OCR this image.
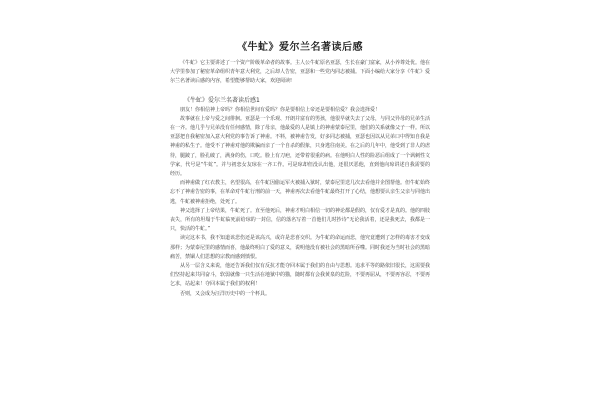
《牛虻》爱尔兰名著读后感

《牛虻》它主要讲述了一个资产阶级革命者的故事。主人公牛虻原名亚瑟，生长在豪门富家，从小养尊处优。他在大学里参加了秘密革命组织青年意大利党，之后却人告密，亚瑟和一些党内同志被捕。下面小编给大家分享《牛虻》爱尔兰名著读后感的内容，希望能够帮助大家，欢迎阅读!

《牛虻》爱尔兰名著读后感1

朋友！你相信神上帝吗？你相信世间有爱吗？你是要相信上帝还是要相信爱？我会选择爱！

故事就在上帝与爱之间徘徊。亚瑟是一个乐观、开朗并富有的男孩，他很早就失去了父母，与同父异母的兄弟生活在一齐。他几乎与兄弟没有任何感情，除了母亲，他最爱的人是镇上的神甫蒙泰尼里，他们的关系就像父子一样。所以亚瑟把自我秘密加入意大利党的事告诉了神甫。不料，被神甫告发，好多同志被捕，亚瑟也因以从兄弟口中得知自我是神甫的私生子。他受不了神甫对他的欺骗而亲了一个自杀的假象，只身逃往南美。在之后的几年中，他受到了非人的虐待，腿跛了，脸孔破了，满身的伤，口吃。脸上有刀疤，还带着很重的病。在他明白人性的险恶后组成了一个讽刺性文学家，代号是“牛虻”。并与初恋女友琼在一齐工作。可是琼却但没认出他，还很厌恶他，直到他向琼讲述自我需要的经历。

而神甫做了红衣教主，名望很高，在牛虻因偷运军火被捕入狱时，蒙泰尼里送几次去看他并企图帮他。但牛虻始终忘不了神甫告密的事，在革命对牛虻行刑的前一天，神甫再次去看他牛虻最终打开了心结，他想要认亲生父亲与同他出逃，牛虻被神甫拒绝，处死了。

神父选择了上帝结果，牛虻死了。直至他死后，神甫才明白相信一切的神论都是假的，仅有爱才是真的。他的四肢丧失，所有的坦塌于牛虻临死前给琼的一封信，信的落名写着一首他们儿时抄诗“无论我活着，还是我死去，我都是一只，快活的牛虻。”

读完这本书，我不知道该悲伤还是该高兴，或许是悲喜交织。为牛虻的命运而悲，他究竟遭到了怎样的毒害才变成那样；为蒙泰尼里的感情而喜，他最终明白了爱的意义，说明他没有被社会的黑暗所吞噬。同时我还为当时社会的黑暗痛苦，禁锢人们思想的宗教而感到愤恨。

从另一层含义来说，他还告诉我们仅有反抗才能夺回本属于我们的自由与思想。追求平等的路依旧很长，这需要我们坚持起来共同奋斗，软弱就像一只生活在地狱中的猫，随时都有会我黄泉的危险，不要再屈从，不要再容忍，不要再乞求，站起来！夺回本属于我们的权利！

否则，又会成为汪洋历史中的一个杯具。
